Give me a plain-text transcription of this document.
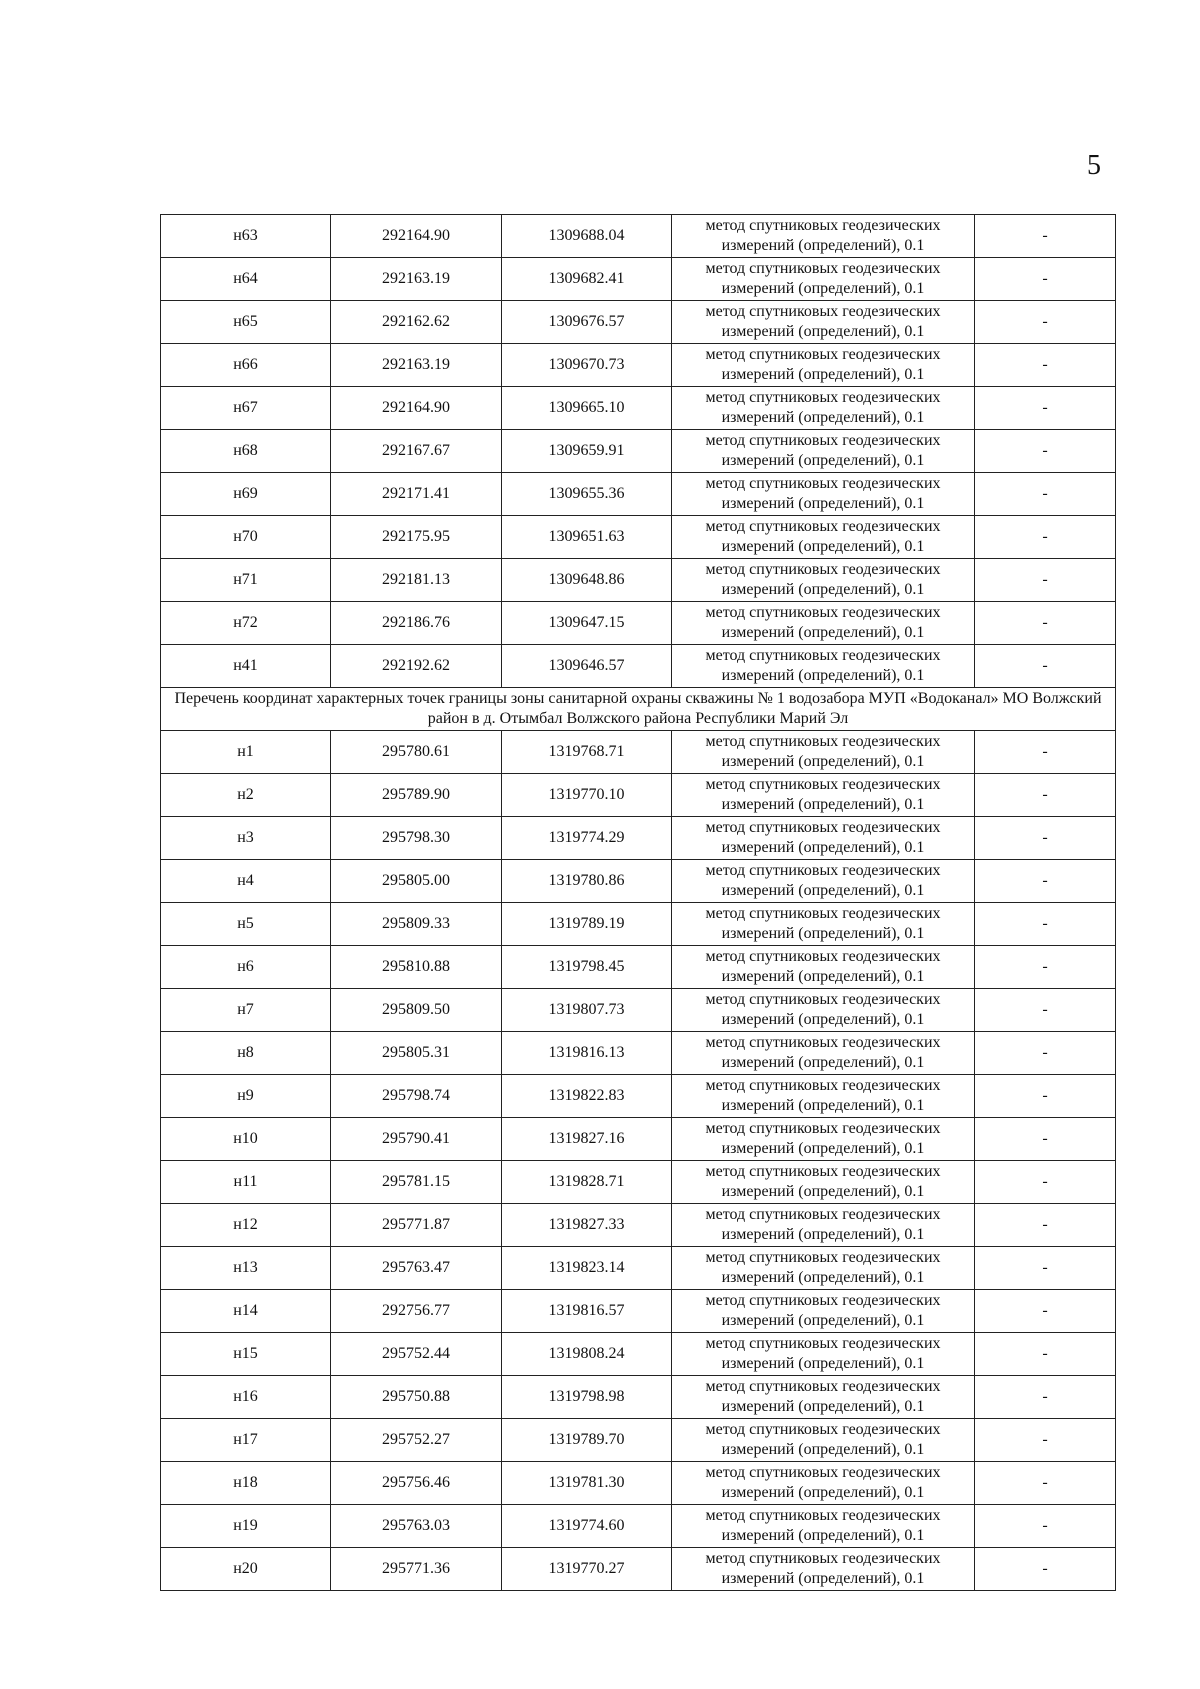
5
н63	292164.90	1309688.04	метод спутниковых геодезических измерений (определений), 0.1	-
н64	292163.19	1309682.41	метод спутниковых геодезических измерений (определений), 0.1	-
н65	292162.62	1309676.57	метод спутниковых геодезических измерений (определений), 0.1	-
н66	292163.19	1309670.73	метод спутниковых геодезических измерений (определений), 0.1	-
н67	292164.90	1309665.10	метод спутниковых геодезических измерений (определений), 0.1	-
н68	292167.67	1309659.91	метод спутниковых геодезических измерений (определений), 0.1	-
н69	292171.41	1309655.36	метод спутниковых геодезических измерений (определений), 0.1	-
н70	292175.95	1309651.63	метод спутниковых геодезических измерений (определений), 0.1	-
н71	292181.13	1309648.86	метод спутниковых геодезических измерений (определений), 0.1	-
н72	292186.76	1309647.15	метод спутниковых геодезических измерений (определений), 0.1	-
н41	292192.62	1309646.57	метод спутниковых геодезических измерений (определений), 0.1	-
Перечень координат характерных точек границы зоны санитарной охраны скважины № 1 водозабора МУП «Водоканал» МО Волжский район в д. Отымбал Волжского района Республики Марий Эл				
н1	295780.61	1319768.71	метод спутниковых геодезических измерений (определений), 0.1	-
н2	295789.90	1319770.10	метод спутниковых геодезических измерений (определений), 0.1	-
н3	295798.30	1319774.29	метод спутниковых геодезических измерений (определений), 0.1	-
н4	295805.00	1319780.86	метод спутниковых геодезических измерений (определений), 0.1	-
н5	295809.33	1319789.19	метод спутниковых геодезических измерений (определений), 0.1	-
н6	295810.88	1319798.45	метод спутниковых геодезических измерений (определений), 0.1	-
н7	295809.50	1319807.73	метод спутниковых геодезических измерений (определений), 0.1	-
н8	295805.31	1319816.13	метод спутниковых геодезических измерений (определений), 0.1	-
н9	295798.74	1319822.83	метод спутниковых геодезических измерений (определений), 0.1	-
н10	295790.41	1319827.16	метод спутниковых геодезических измерений (определений), 0.1	-
н11	295781.15	1319828.71	метод спутниковых геодезических измерений (определений), 0.1	-
н12	295771.87	1319827.33	метод спутниковых геодезических измерений (определений), 0.1	-
н13	295763.47	1319823.14	метод спутниковых геодезических измерений (определений), 0.1	-
н14	292756.77	1319816.57	метод спутниковых геодезических измерений (определений), 0.1	-
н15	295752.44	1319808.24	метод спутниковых геодезических измерений (определений), 0.1	-
н16	295750.88	1319798.98	метод спутниковых геодезических измерений (определений), 0.1	-
н17	295752.27	1319789.70	метод спутниковых геодезических измерений (определений), 0.1	-
н18	295756.46	1319781.30	метод спутниковых геодезических измерений (определений), 0.1	-
н19	295763.03	1319774.60	метод спутниковых геодезических измерений (определений), 0.1	-
н20	295771.36	1319770.27	метод спутниковых геодезических измерений (определений), 0.1	-
